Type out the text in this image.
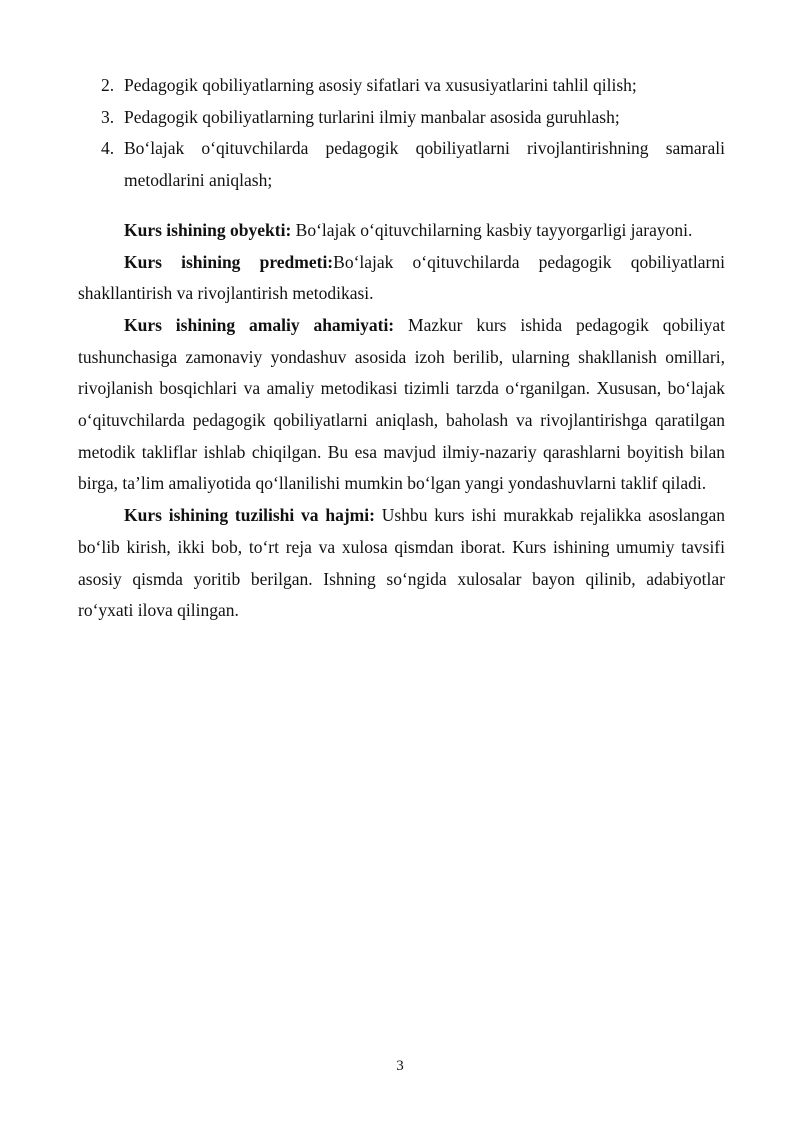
2. Pedagogik qobiliyatlarning asosiy sifatlari va xususiyatlarini tahlil qilish;
3. Pedagogik qobiliyatlarning turlarini ilmiy manbalar asosida guruhlash;
4. Bo‘lajak o‘qituvchilarda pedagogik qobiliyatlarni rivojlantirishning samarali metodlarini aniqlash;

Kurs ishining obyekti: Bo‘lajak o‘qituvchilarning kasbiy tayyorgarligi jarayoni.

Kurs ishining predmeti:Bo‘lajak o‘qituvchilarda pedagogik qobiliyatlarni shakllantirish va rivojlantirish metodikasi.

Kurs ishining amaliy ahamiyati: Mazkur kurs ishida pedagogik qobiliyat tushunchasiga zamonaviy yondashuv asosida izoh berilib, ularning shakllanish omillari, rivojlanish bosqichlari va amaliy metodikasi tizimli tarzda o‘rganilgan. Xususan, bo‘lajak o‘qituvchilarda pedagogik qobiliyatlarni aniqlash, baholash va rivojlantirishga qaratilgan metodik takliflar ishlab chiqilgan. Bu esa mavjud ilmiy-nazariy qarashlarni boyitish bilan birga, ta’lim amaliyotida qo‘llanilishi mumkin bo‘lgan yangi yondashuvlarni taklif qiladi.

Kurs ishining tuzilishi va hajmi: Ushbu kurs ishi murakkab rejalikka asoslangan bo‘lib kirish, ikki bob, to‘rt reja va xulosa qismdan iborat. Kurs ishining umumiy tavsifi asosiy qismda yoritib berilgan. Ishning so‘ngida xulosalar bayon qilinib, adabiyotlar ro‘yxati ilova qilingan.

3
